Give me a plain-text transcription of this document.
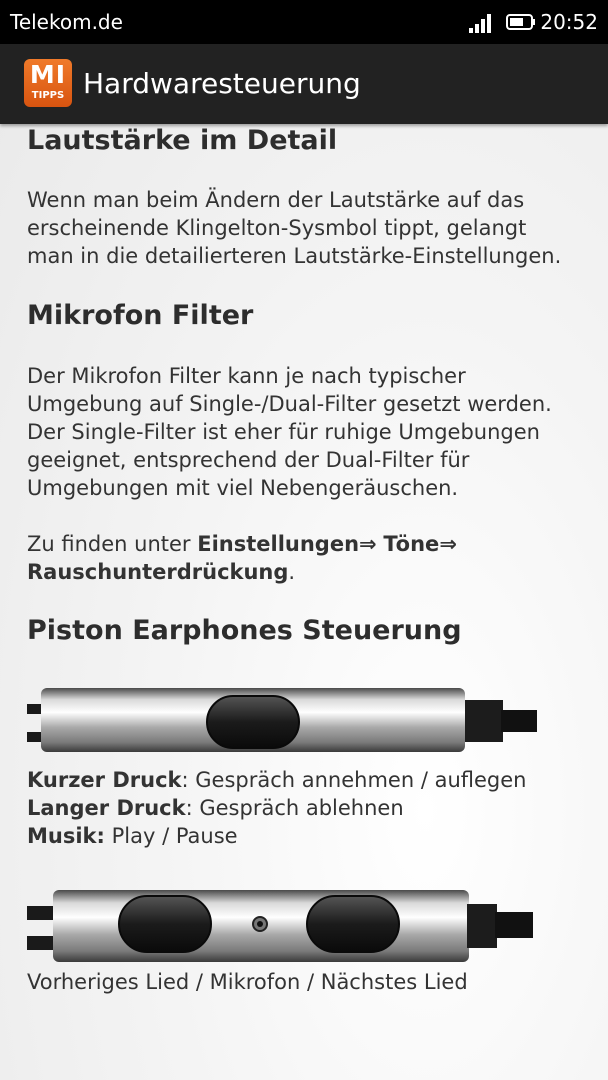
Telekom.de	20:52
MI
TIPPS Hardwaresteuerung
Lautstärke im Detail

Wenn man beim Ändern der Lautstärke auf das

erscheinende Klingelton-Sysmbol tippt, gelangt

man in die detailierteren Lautstärke-Einstellungen.

Mikrofon Filter

Der Mikrofon Filter kann je nach typischer

Umgebung auf Single-/Dual-Filter gesetzt werden.

Der Single-Filter ist eher für ruhige Umgebungen

geeignet, entsprechend der Dual-Filter für

Umgebungen mit viel Nebengeräuschen.

Zu finden unter Einstellungen⇒ Töne⇒

Rauschunterdrückung.

Piston Earphones Steuerung

Kurzer Druck: Gespräch annehmen / auflegen

Langer Druck: Gespräch ablehnen

Musik: Play / Pause

Vorheriges Lied / Mikrofon / Nächstes Lied
